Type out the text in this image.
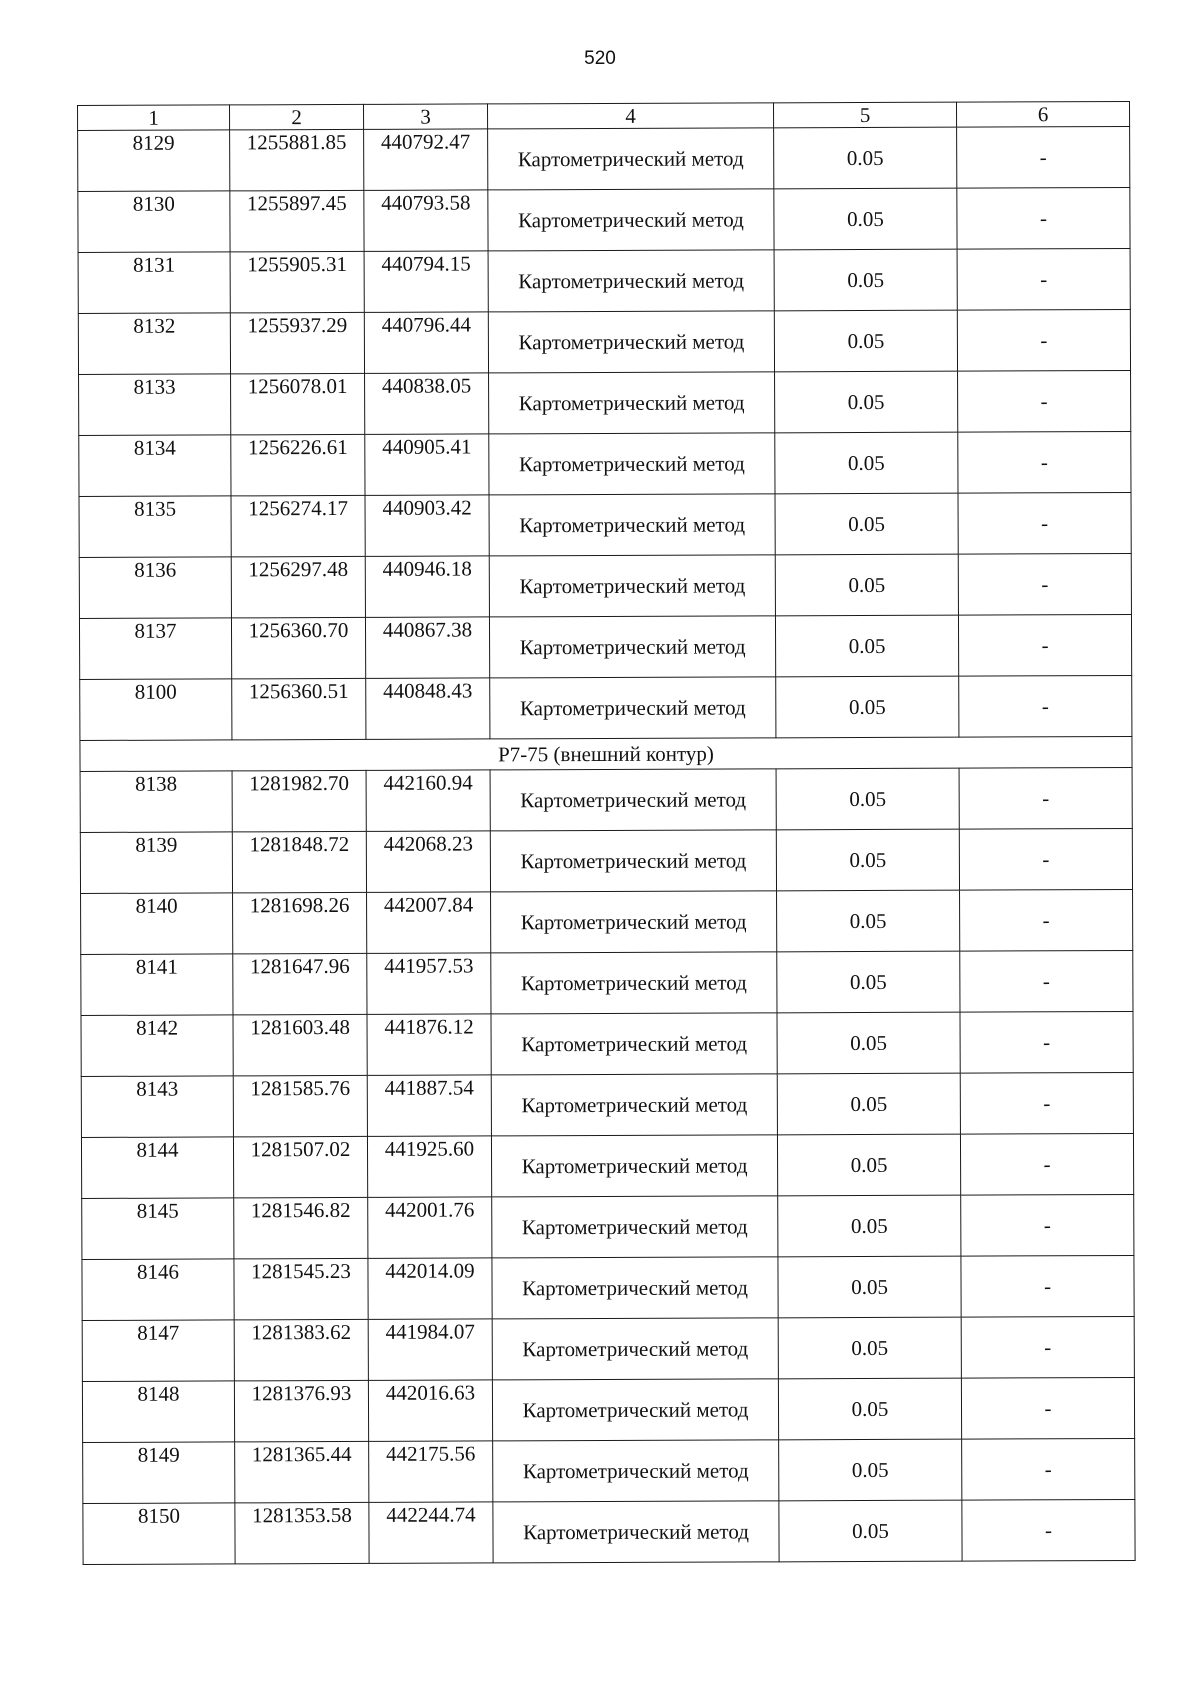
520
1	2	3	4	5	6
8129	1255881.85	440792.47	Картометрический метод	0.05	-
8130	1255897.45	440793.58	Картометрический метод	0.05	-
8131	1255905.31	440794.15	Картометрический метод	0.05	-
8132	1255937.29	440796.44	Картометрический метод	0.05	-
8133	1256078.01	440838.05	Картометрический метод	0.05	-
8134	1256226.61	440905.41	Картометрический метод	0.05	-
8135	1256274.17	440903.42	Картометрический метод	0.05	-
8136	1256297.48	440946.18	Картометрический метод	0.05	-
8137	1256360.70	440867.38	Картометрический метод	0.05	-
8100	1256360.51	440848.43	Картометрический метод	0.05	-
Р7-75 (внешний контур)					
8138	1281982.70	442160.94	Картометрический метод	0.05	-
8139	1281848.72	442068.23	Картометрический метод	0.05	-
8140	1281698.26	442007.84	Картометрический метод	0.05	-
8141	1281647.96	441957.53	Картометрический метод	0.05	-
8142	1281603.48	441876.12	Картометрический метод	0.05	-
8143	1281585.76	441887.54	Картометрический метод	0.05	-
8144	1281507.02	441925.60	Картометрический метод	0.05	-
8145	1281546.82	442001.76	Картометрический метод	0.05	-
8146	1281545.23	442014.09	Картометрический метод	0.05	-
8147	1281383.62	441984.07	Картометрический метод	0.05	-
8148	1281376.93	442016.63	Картометрический метод	0.05	-
8149	1281365.44	442175.56	Картометрический метод	0.05	-
8150	1281353.58	442244.74	Картометрический метод	0.05	-
